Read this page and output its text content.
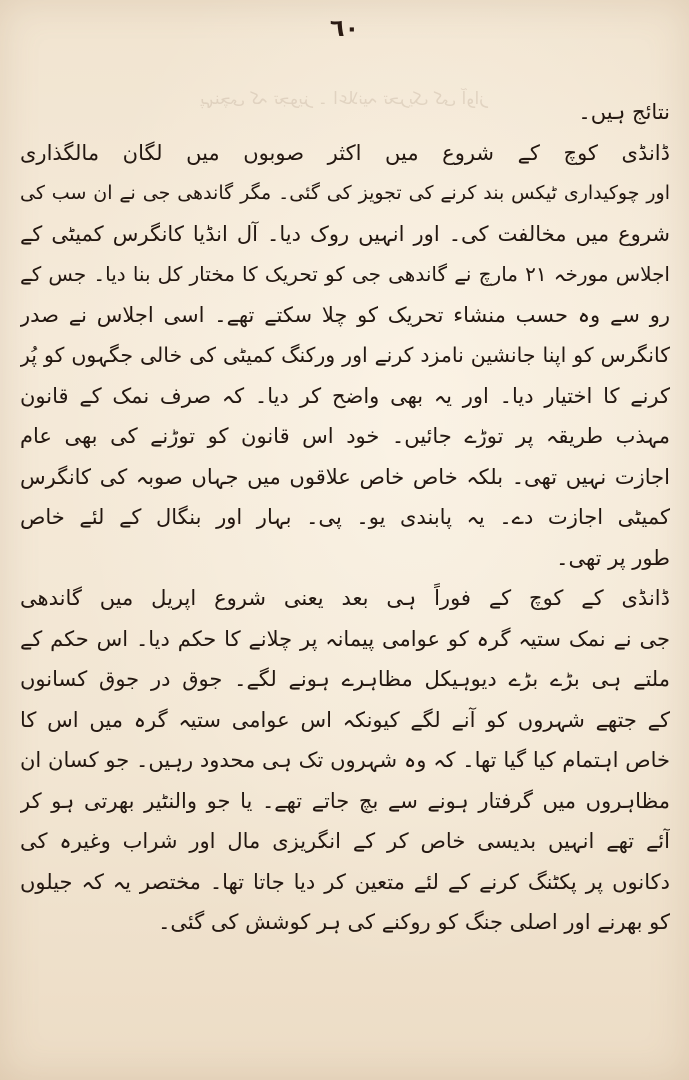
٦٠
پہنچی کہ تجویز ۔ اعلانیہ تحریک کی آواز
نتائج ہیں۔
ڈانڈی کوچ کے شروع میں اکثر صوبوں میں لگان مالگذاری
اور چوکیداری ٹیکس بند کرنے کی تجویز کی گئی۔ مگر گاندھی جی نے ان سب کی
شروع میں مخالفت کی۔ اور انہیں روک دیا۔ آل انڈیا کانگرس کمیٹی کے
اجلاس مورخہ ۲۱ مارچ نے گاندھی جی کو تحریک کا مختار کل بنا دیا۔ جس کے
رو سے وہ حسب منشاء تحریک کو چلا سکتے تھے۔ اسی اجلاس نے صدر
کانگرس کو اپنا جانشین نامزد کرنے اور ورکنگ کمیٹی کی خالی جگہوں کو پُر
کرنے کا اختیار دیا۔ اور یہ بھی واضح کر دیا۔ کہ صرف نمک کے قانون
مہذب طریقہ پر توڑے جائیں۔ خود اس قانون کو توڑنے کی بھی عام
اجازت نہیں تھی۔ بلکہ خاص خاص علاقوں میں جہاں صوبہ کی کانگرس
کمیٹی اجازت دے۔ یہ پابندی یو۔ پی۔ بہار اور بنگال کے لئے خاص
طور پر تھی۔
ڈانڈی کے کوچ کے فوراً ہی بعد یعنی شروع اپریل میں گاندھی
جی نے نمک ستیہ گرہ کو عوامی پیمانہ پر چلانے کا حکم دیا۔ اس حکم کے
ملتے ہی بڑے بڑے دیوہیکل مظاہرے ہونے لگے۔ جوق در جوق کسانوں
کے جتھے شہروں کو آنے لگے کیونکہ اس عوامی ستیہ گرہ میں اس کا
خاص اہتمام کیا گیا تھا۔ کہ وہ شہروں تک ہی محدود رہیں۔ جو کسان ان
مظاہروں میں گرفتار ہونے سے بچ جاتے تھے۔ یا جو والنٹیر بھرتی ہو کر
آئے تھے انہیں بدیسی خاص کر کے انگریزی مال اور شراب وغیرہ کی
دکانوں پر پکٹنگ کرنے کے لئے متعین کر دیا جاتا تھا۔ مختصر یہ کہ جیلوں
کو بھرنے اور اصلی جنگ کو روکنے کی ہر کوشش کی گئی۔
